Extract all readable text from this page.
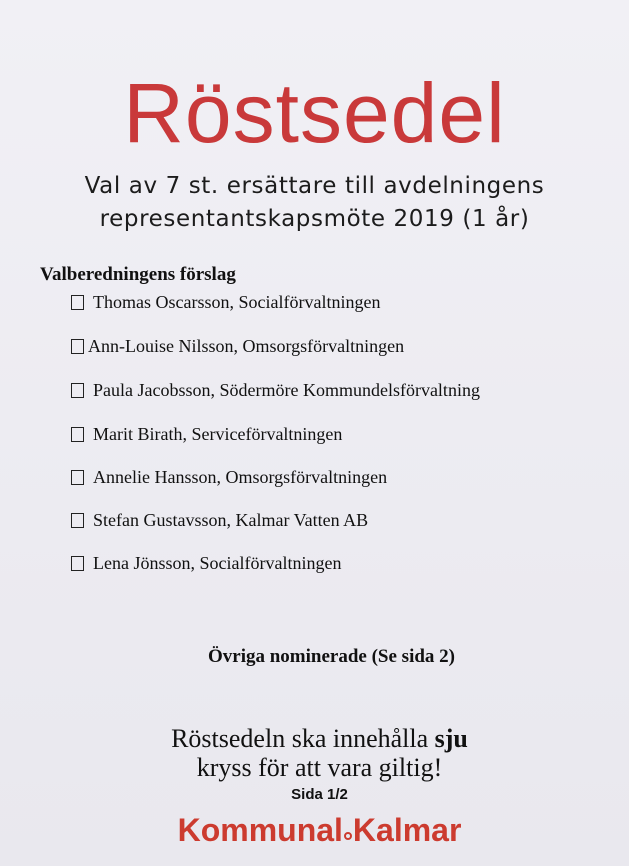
Röstsedel
Val av 7 st. ersättare till avdelningens
representantskapsmöte 2019 (1 år)
Valberedningens förslag
Thomas Oscarsson, Socialförvaltningen
Ann-Louise Nilsson, Omsorgsförvaltningen
Paula Jacobsson, Södermöre Kommundelsförvaltning
Marit Birath, Serviceförvaltningen
Annelie Hansson, Omsorgsförvaltningen
Stefan Gustavsson, Kalmar Vatten AB
Lena Jönsson, Socialförvaltningen
Övriga nominerade (Se sida 2)
Röstsedeln ska innehålla sju
kryss för att vara giltig!
Sida 1/2
Kommunal Kalmar
